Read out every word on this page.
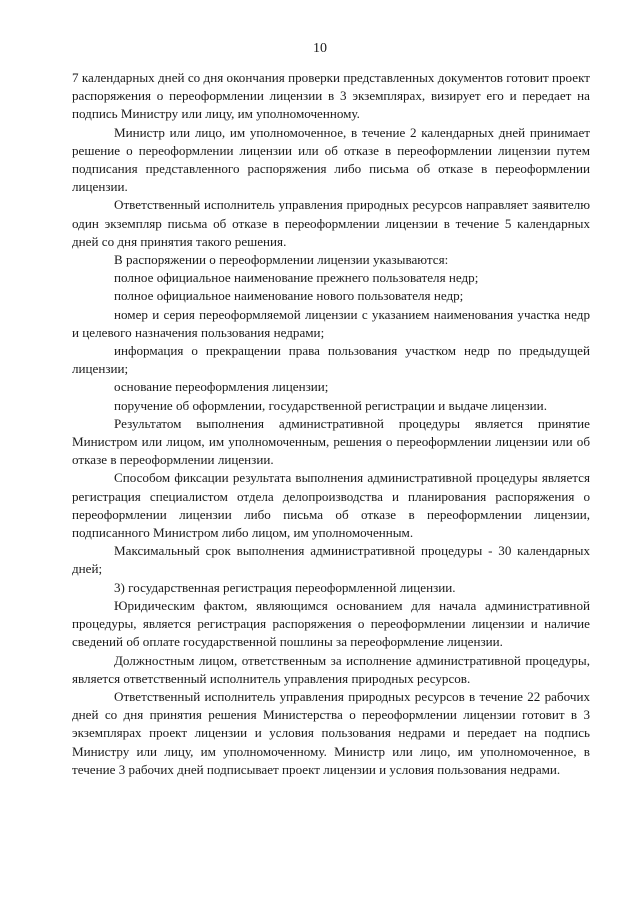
10

7 календарных дней со дня окончания проверки представленных документов готовит проект распоряжения о переоформлении лицензии в 3 экземплярах, визирует его и передает на подпись Министру или лицу, им уполномоченному.

Министр или лицо, им уполномоченное, в течение 2 календарных дней принимает решение о переоформлении лицензии или об отказе в переоформлении лицензии путем подписания представленного распоряжения либо письма об отказе в переоформлении лицензии.

Ответственный исполнитель управления природных ресурсов направляет заявителю один экземпляр письма об отказе в переоформлении лицензии в течение 5 календарных дней со дня принятия такого решения.

В распоряжении о переоформлении лицензии указываются:

полное официальное наименование прежнего пользователя недр;

полное официальное наименование нового пользователя недр;

номер и серия переоформляемой лицензии с указанием наименования участка недр и целевого назначения пользования недрами;

информация о прекращении права пользования участком недр по предыдущей лицензии;

основание переоформления лицензии;

поручение об оформлении, государственной регистрации и выдаче лицензии.

Результатом выполнения административной процедуры является принятие Министром или лицом, им уполномоченным, решения о переоформлении лицензии или об отказе в переоформлении лицензии.

Способом фиксации результата выполнения административной процедуры является регистрация специалистом отдела делопроизводства и планирования распоряжения о переоформлении лицензии либо письма об отказе в переоформлении лицензии, подписанного Министром либо лицом, им уполномоченным.

Максимальный срок выполнения административной процедуры - 30 календарных дней;

3) государственная регистрация переоформленной лицензии.

Юридическим фактом, являющимся основанием для начала административной процедуры, является регистрация распоряжения о переоформлении лицензии и наличие сведений об оплате государственной пошлины за переоформление лицензии.

Должностным лицом, ответственным за исполнение административной процедуры, является ответственный исполнитель управления природных ресурсов.

Ответственный исполнитель управления природных ресурсов в течение 22 рабочих дней со дня принятия решения Министерства о переоформлении лицензии готовит в 3 экземплярах проект лицензии и условия пользования недрами и передает на подпись Министру или лицу, им уполномоченному. Министр или лицо, им уполномоченное, в течение 3 рабочих дней подписывает проект лицензии и условия пользования недрами.
